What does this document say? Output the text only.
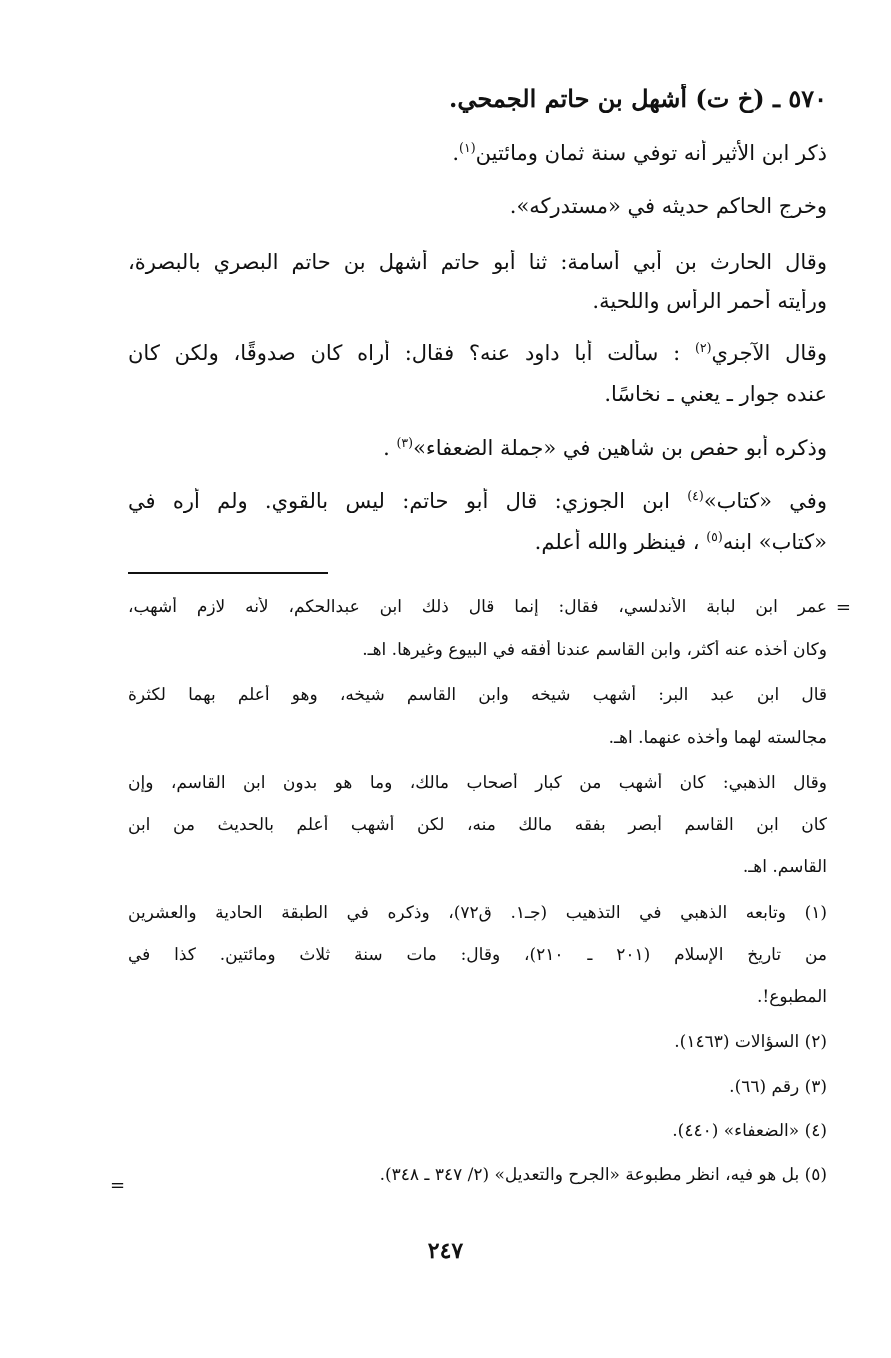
٥٧٠ ـ (خ ت) أشهل بن حاتم الجمحي.
ذكر ابن الأثير أنه توفي سنة ثمان ومائتين$^{(١)}$.
وخرج الحاكم حديثه في «مستدركه».
وقال الحارث بن أبي أسامة: ثنا أبو حاتم أشهل بن حاتم البصري بالبصرة،
ورأيته أحمر الرأس واللحية.
وقال الآجري$^{(٢)}$ : سألت أبا داود عنه؟ فقال: أراه كان صدوقًا، ولكن كان
عنده جوار ـ يعني ـ نخاسًا.
وذكره أبو حفص بن شاهين في «جملة الضعفاء»$^{(٣)}$ .
وفي «كتاب»$^{(٤)}$ ابن الجوزي: قال أبو حاتم: ليس بالقوي. ولم أره في
«كتاب» ابنه$^{(٥)}$ ، فينظر والله أعلم.
=
عمر ابن لبابة الأندلسي، فقال: إنما قال ذلك ابن عبدالحكم، لأنه لازم أشهب،
وكان أخذه عنه أكثر، وابن القاسم عندنا أفقه في البيوع وغيرها. اهـ.
قال ابن عبد البر: أشهب شيخه وابن القاسم شيخه، وهو أعلم بهما لكثرة
مجالسته لهما وأخذه عنهما. اهـ.
وقال الذهبي: كان أشهب من كبار أصحاب مالك، وما هو بدون ابن القاسم، وإن
كان ابن القاسم أبصر بفقه مالك منه، لكن أشهب أعلم بالحديث من ابن
القاسم. اهـ.
(١) وتابعه الذهبي في التذهيب (جـ١. ق٧٢)، وذكره في الطبقة الحادية والعشرين
من تاريخ الإسلام (٢٠١ ـ ٢١٠)، وقال: مات سنة ثلاث ومائتين. كذا في
المطبوع!.
(٢) السؤالات (١٤٦٣).
(٣) رقم (٦٦).
(٤) «الضعفاء» (٤٤٠).
(٥) بل هو فيه، انظر مطبوعة «الجرح والتعديل» (٢/ ٣٤٧ ـ ٣٤٨).
=
٢٤٧
